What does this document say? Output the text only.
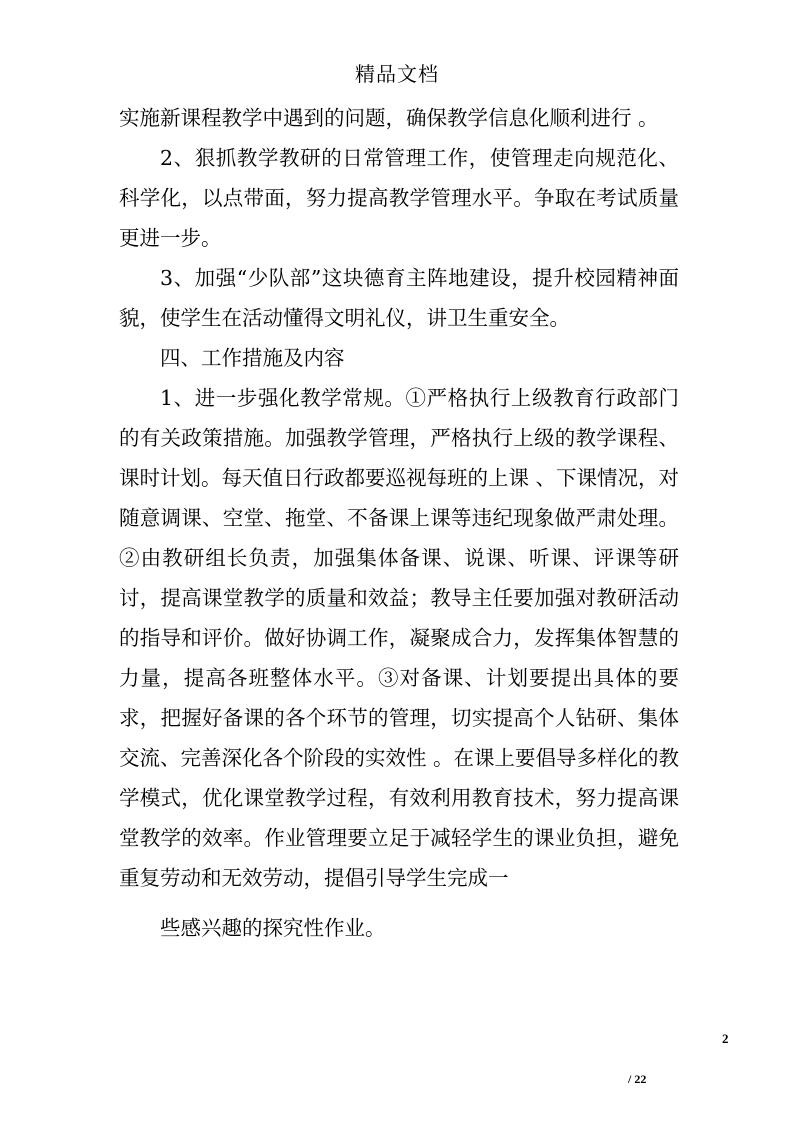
精品文档

实施新课程教学中遇到的问题，确保教学信息化顺利进行 。

2、狠抓教学教研的日常管理工作，使管理走向规范化、科学化，以点带面，努力提高教学管理水平。争取在考试质量更进一步。

3、加强“少队部”这块德育主阵地建设，提升校园精神面貌，使学生在活动懂得文明礼仪，讲卫生重安全。

四、工作措施及内容

1、进一步强化教学常规。①严格执行上级教育行政部门的有关政策措施。加强教学管理，严格执行上级的教学课程、课时计划。每天值日行政都要巡视每班的上课 、下课情况，对随意调课、空堂、拖堂、不备课上课等违纪现象做严肃处理。②由教研组长负责，加强集体备课、说课、听课、评课等研讨，提高课堂教学的质量和效益；教导主任要加强对教研活动的指导和评价。做好协调工作，凝聚成合力，发挥集体智慧的力量，提高各班整体水平。③对备课、计划要提出具体的要求，把握好备课的各个环节的管理，切实提高个人钻研、集体交流、完善深化各个阶段的实效性 。在课上要倡导多样化的教学模式，优化课堂教学过程，有效利用教育技术，努力提高课堂教学的效率。作业管理要立足于减轻学生的课业负担，避免重复劳动和无效劳动，提倡引导学生完成一

些感兴趣的探究性作业。

2
/ 22
